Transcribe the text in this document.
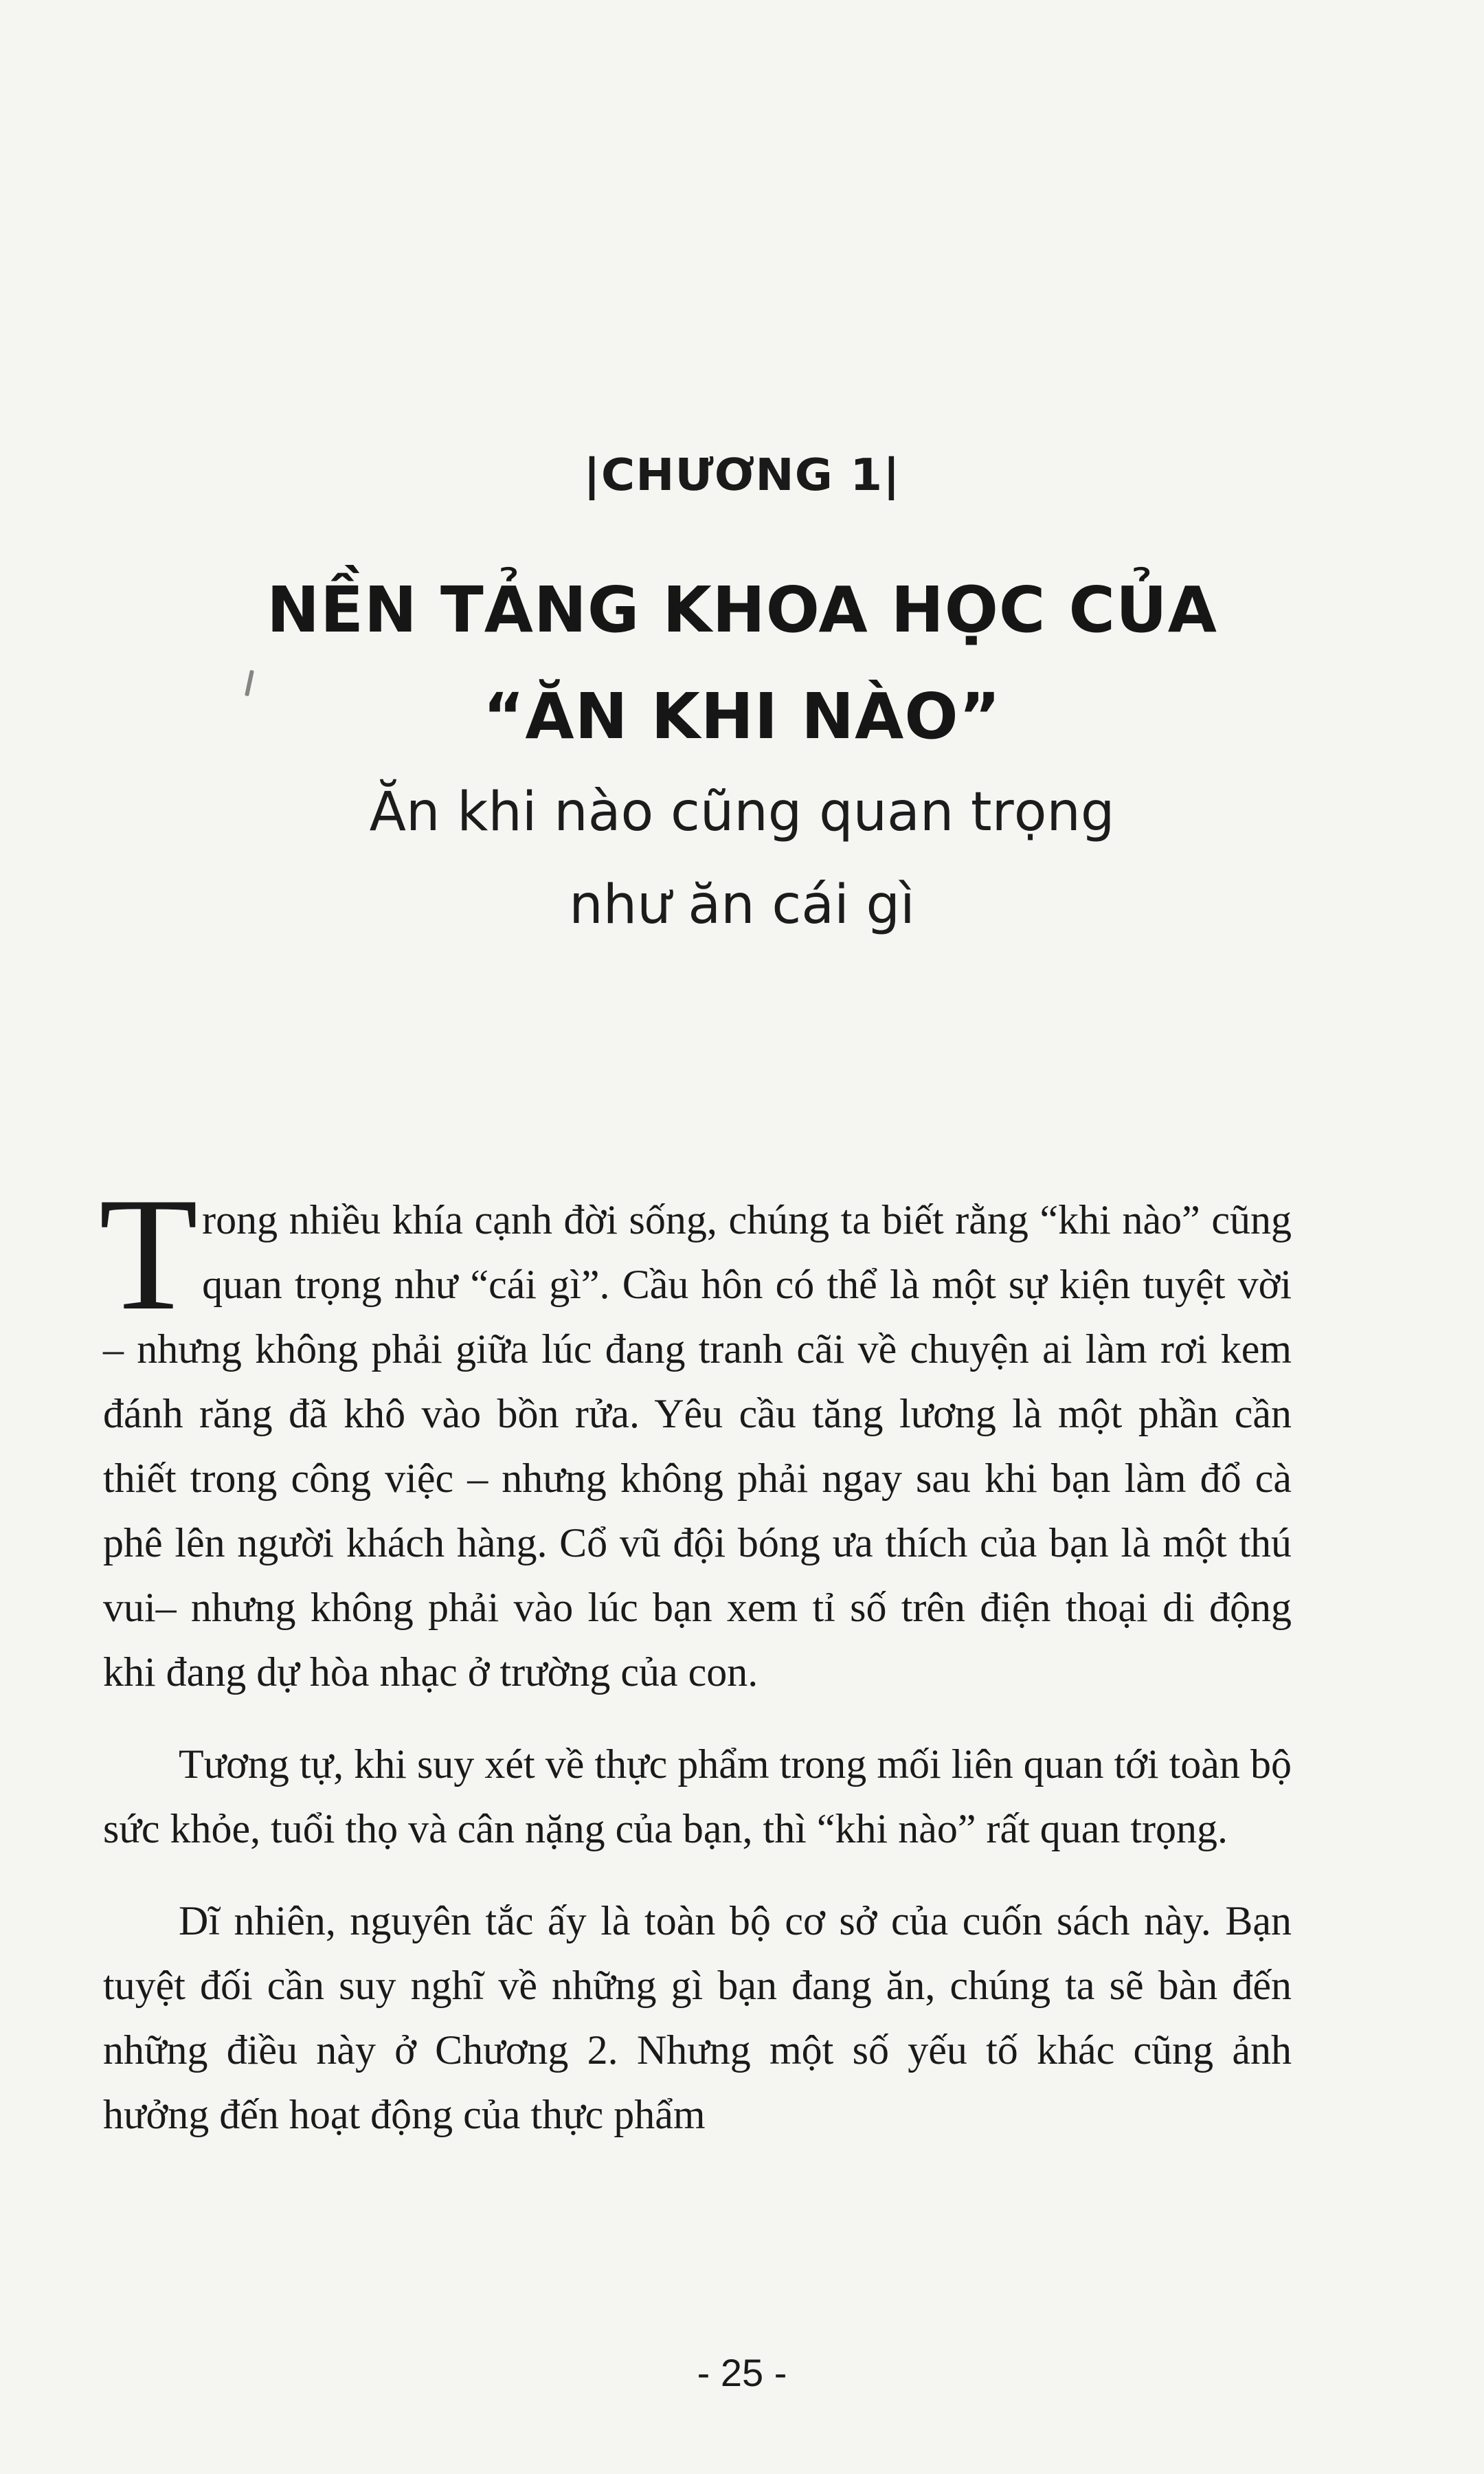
|CHƯƠNG 1|
NỀN TẢNG KHOA HỌC CỦA
“ĂN KHI NÀO”
Ăn khi nào cũng quan trọng
như ăn cái gì

Trong nhiều khía cạnh đời sống, chúng ta biết rằng “khi nào” cũng quan trọng như “cái gì”. Cầu hôn có thể là một sự kiện tuyệt vời – nhưng không phải giữa lúc đang tranh cãi về chuyện ai làm rơi kem đánh răng đã khô vào bồn rửa. Yêu cầu tăng lương là một phần cần thiết trong công việc – nhưng không phải ngay sau khi bạn làm đổ cà phê lên người khách hàng. Cổ vũ đội bóng ưa thích của bạn là một thú vui– nhưng không phải vào lúc bạn xem tỉ số trên điện thoại di động khi đang dự hòa nhạc ở trường của con.

Tương tự, khi suy xét về thực phẩm trong mối liên quan tới toàn bộ sức khỏe, tuổi thọ và cân nặng của bạn, thì “khi nào” rất quan trọng.

Dĩ nhiên, nguyên tắc ấy là toàn bộ cơ sở của cuốn sách này. Bạn tuyệt đối cần suy nghĩ về những gì bạn đang ăn, chúng ta sẽ bàn đến những điều này ở Chương 2. Nhưng một số yếu tố khác cũng ảnh hưởng đến hoạt động của thực phẩm

- 25 -
